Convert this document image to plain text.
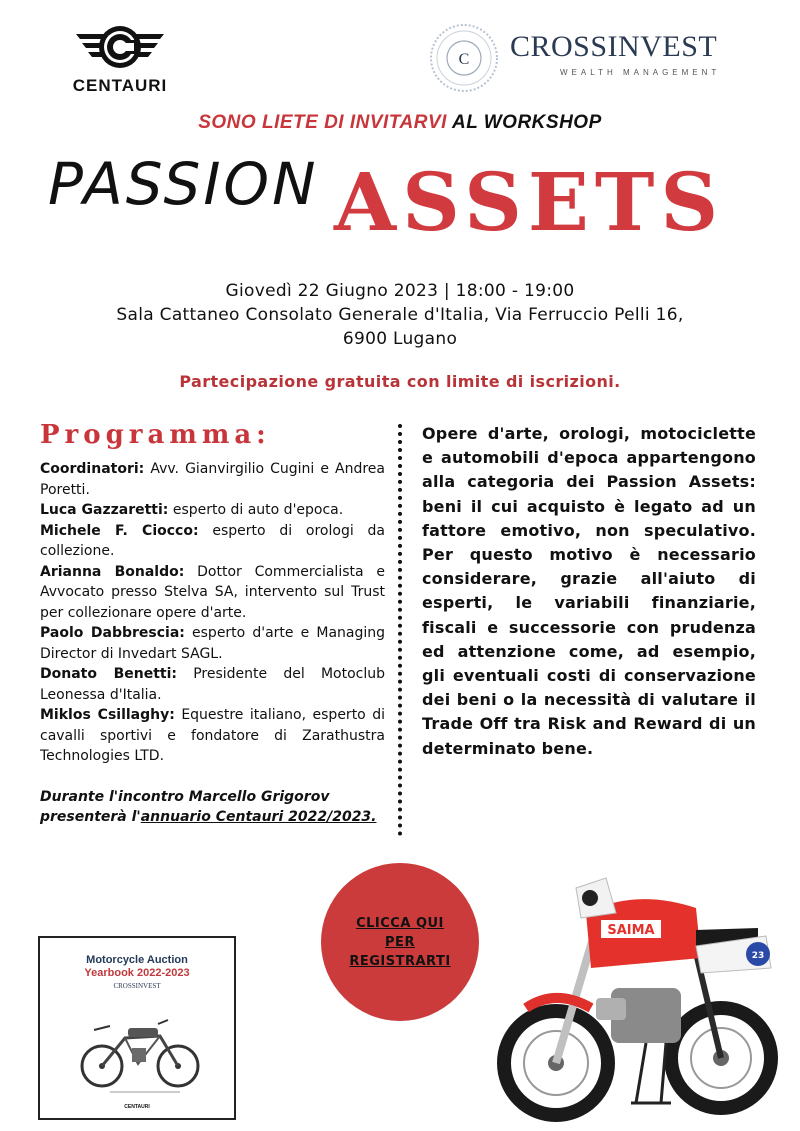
CENTAURI
C CROSSINVEST
WEALTH MANAGEMENT
SONO LIETE DI INVITARVI AL WORKSHOP
PASSION ASSETS
Giovedì 22 Giugno 2023 | 18:00 - 19:00
Sala Cattaneo Consolato Generale d'Italia, Via Ferruccio Pelli 16,
6900 Lugano
Partecipazione gratuita con limite di iscrizioni.
Programma:

Coordinatori: Avv. Gianvirgilio Cugini e Andrea Poretti.

Luca Gazzaretti: esperto di auto d'epoca.

Michele F. Ciocco: esperto di orologi da collezione.

Arianna Bonaldo: Dottor Commercialista e Avvocato presso Stelva SA, intervento sul Trust per collezionare opere d'arte.

Paolo Dabbrescia: esperto d'arte e Managing Director di Invedart SAGL.

Donato Benetti: Presidente del Motoclub Leonessa d'Italia.

Miklos Csillaghy: Equestre italiano, esperto di cavalli sportivi e fondatore di Zarathustra Technologies LTD.

Durante l'incontro Marcello Grigorov presenterà l'annuario Centauri 2022/2023.

Opere d'arte, orologi, motociclette e automobili d'epoca appartengono alla categoria dei Passion Assets: beni il cui acquisto è legato ad un fattore emotivo, non speculativo. Per questo motivo è necessario considerare, grazie all'aiuto di esperti, le variabili finanziarie, fiscali e successorie con prudenza ed attenzione come, ad esempio, gli eventuali costi di conservazione dei beni o la necessità di valutare il Trade Off tra Risk and Reward di un determinato bene.
CLICCA QUI
PER
REGISTRARTI
Motorcycle Auction
Yearbook 2022-2023
CROSSINVEST
CENTAURI
SAIMA
23
